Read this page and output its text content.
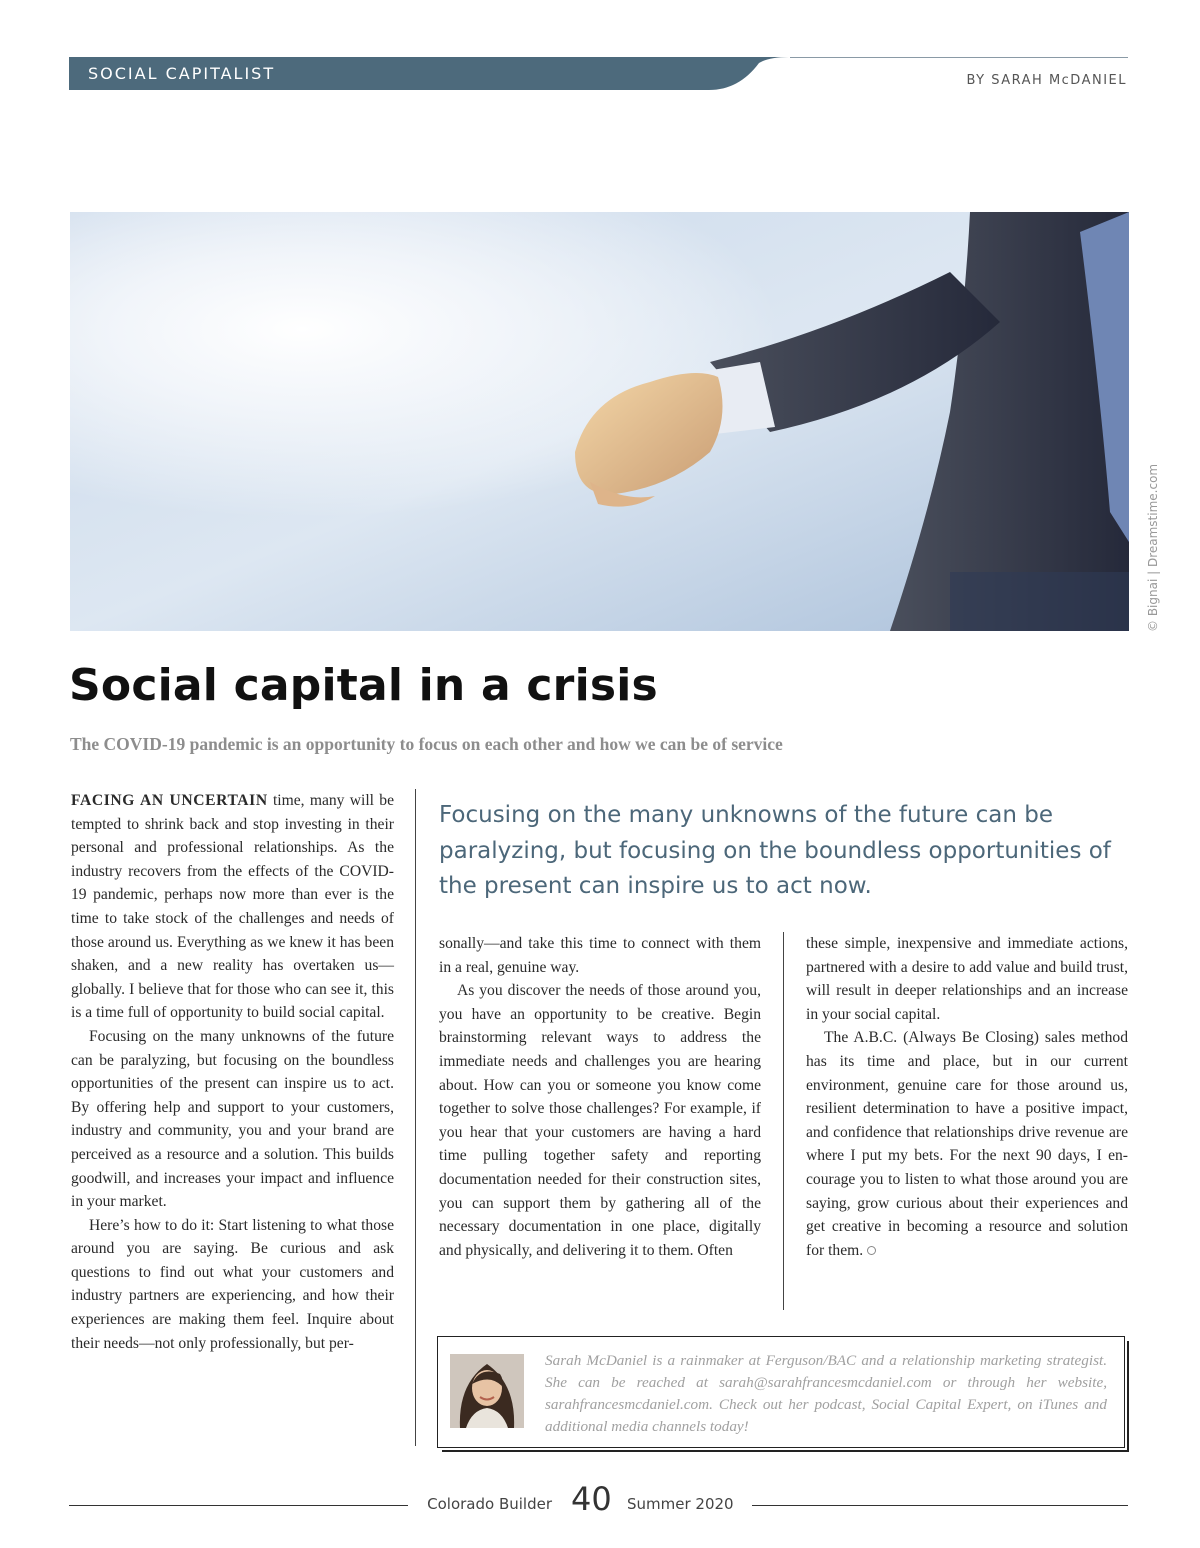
SOCIAL CAPITALIST	BY SARAH McDANIEL
© Bignai | Dreamstime.com
Social capital in a crisis
The COVID-19 pandemic is an opportunity to focus on each other and how we can be of service

FACING AN UNCERTAIN time, many will be tempted to shrink back and stop investing in their personal and professional relationships. As the industry recovers from the effects of the COVID-19 pandemic, perhaps now more than ever is the time to take stock of the challenges and needs of those around us. Everything as we knew it has been shaken, and a new reality has overtaken us—globally. I believe that for those who can see it, this is a time full of opportunity to build social capital.

Focusing on the many unknowns of the future can be paralyzing, but focusing on the boundless opportunities of the present can inspire us to act. By offering help and support to your customers, industry and community, you and your brand are perceived as a resource and a solution. This builds goodwill, and increases your impact and influence in your market.

Here’s how to do it: Start listening to what those around you are saying. Be curious and ask questions to find out what your customers and industry partners are experiencing, and how their experiences are making them feel. Inquire about their needs—not only professionally, but per-

Focusing on the many unknowns of the future can be paralyzing, but focusing on the boundless opportunities of the present can inspire us to act now.

sonally—and take this time to connect with them in a real, genuine way.

As you discover the needs of those around you, you have an opportunity to be creative. Begin brainstorming relevant ways to address the immediate needs and challenges you are hearing about. How can you or someone you know come together to solve those challenges? For example, if you hear that your customers are having a hard time pulling together safety and reporting documentation needed for their construction sites, you can support them by gathering all of the necessary documentation in one place, digitally and physically, and delivering it to them. Often

these simple, inexpensive and immediate actions, partnered with a desire to add value and build trust, will result in deeper relationships and an increase in your social capital.

The A.B.C. (Always Be Closing) sales method has its time and place, but in our current environment, genuine care for those around us, resilient determination to have a positive impact, and confidence that relationships drive revenue are where I put my bets. For the next 90 days, I encourage you to listen to what those around you are saying, grow curious about their experiences and get creative in becoming a resource and solution for them.

Sarah McDaniel is a rainmaker at Ferguson/BAC and a relationship marketing strategist. She can be reached at sarah@sarahfrancesmcdaniel.com or through her website, sarahfrancesmcdaniel.com. Check out her podcast, Social Capital Expert, on iTunes and additional media channels today!
Colorado Builder 40 Summer 2020
